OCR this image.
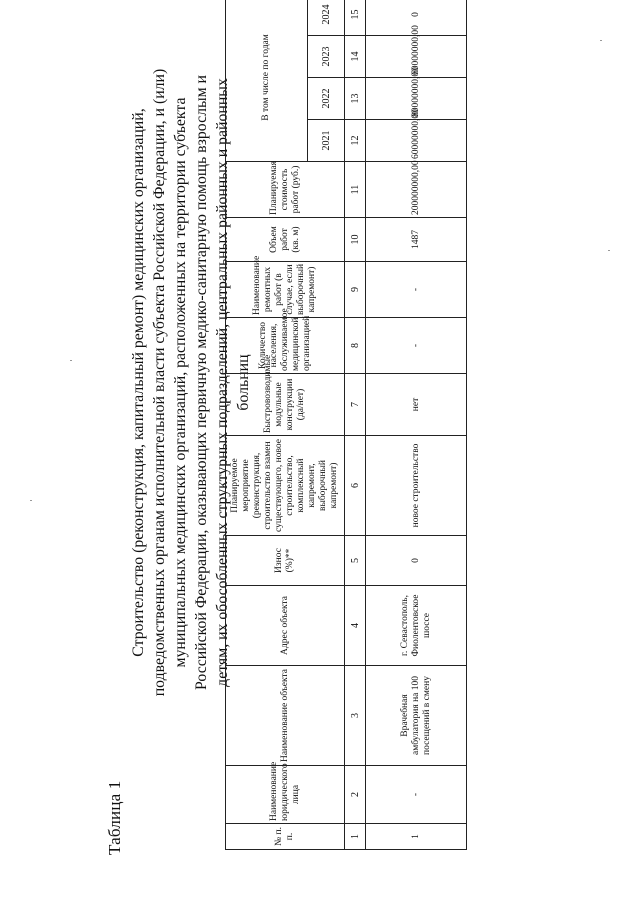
Таблица 1
Строительство (реконструкция, капитальный ремонт) медицинских организаций, подведомственных органам исполнительной власти субъекта Российской Федерации, и (или) муниципальных медицинских организаций, расположенных на территории субъекта Российской Федерации, оказывающих первичную медико-санитарную помощь взрослым и детям, их обособленных структурных подразделений, центральных районных и районных больниц
№ п. п.	Наименование юридического лица	Наименование объекта	Адрес объекта	Износ (%)**	Планируемое мероприятие (реконструкция, строительство взамен существующего, новое строительство, комплексный капремонт, выборочный капремонт)	Быстровозводимые модульные конструкции (да/нет)	Количество населения, обслуживаемое медицинской организацией	Наименование ремонтных работ (в случае, если выборочный капремонт)	Объем работ (кв. м)	Планируемая стоимость работ (руб.)	В том числе по годам				
											2021	2022	2023	2024	
1	2	3	4	5	6	7	8	9	10	11	12	13	14	15	
1	-	Врачебная амбулатория на 100 посещений в смену	г. Севастополь, Фиолентовское шоссе	0	новое строительство	нет	-	-	1487	200000000,00	60000000,00	80000000,00	60000000,00	0	
